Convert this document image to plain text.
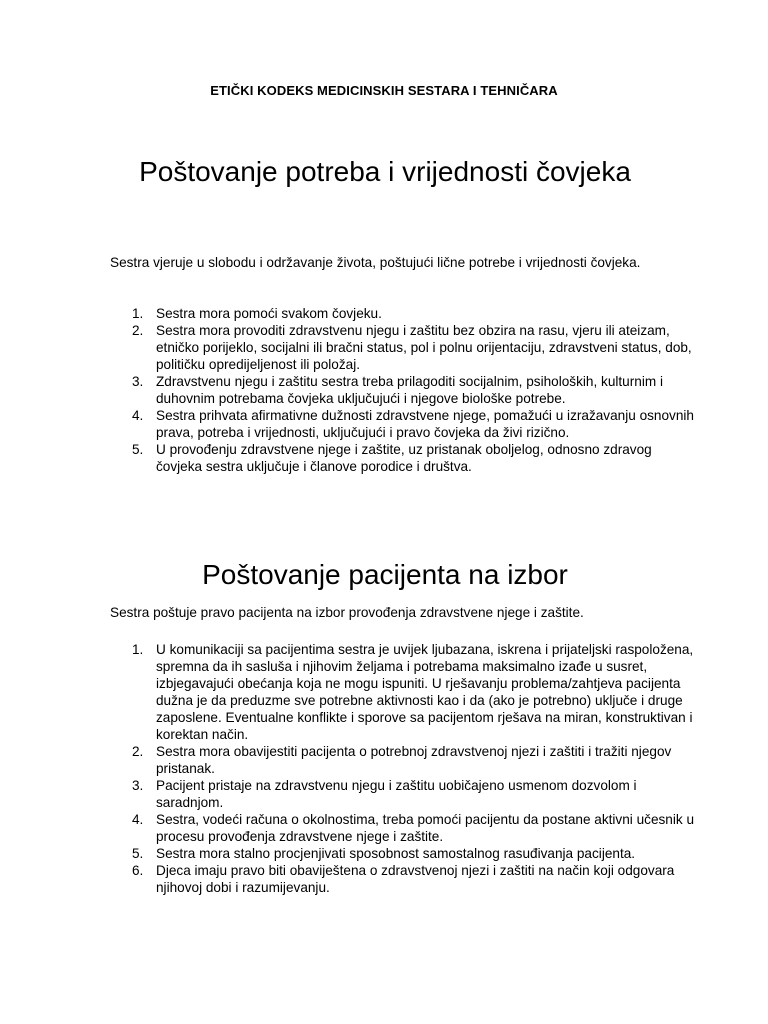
ETIČKI KODEKS MEDICINSKIH SESTARA I TEHNIČARA
Poštovanje potreba i vrijednosti čovjeka

Sestra vjeruje u slobodu i održavanje života, poštujući lične potrebe i vrijednosti čovjeka.

1. Sestra mora pomoći svakom čovjeku.
2. Sestra mora provoditi zdravstvenu njegu i zaštitu bez obzira na rasu, vjeru ili ateizam, etničko porijeklo, socijalni ili bračni status, pol i polnu orijentaciju, zdravstveni status, dob, političku opredijeljenost ili položaj.
3. Zdravstvenu njegu i zaštitu sestra treba prilagoditi socijalnim, psiholoških, kulturnim i duhovnim potrebama čovjeka uključujući i njegove biološke potrebe.
4. Sestra prihvata afirmativne dužnosti zdravstvene njege, pomažući u izražavanju osnovnih prava, potreba i vrijednosti, uključujući i pravo čovjeka da živi rizično.
5. U provođenju zdravstvene njege i zaštite, uz pristanak oboljelog, odnosno zdravog čovjeka sestra uključuje i članove porodice i društva.
Poštovanje pacijenta na izbor

Sestra poštuje pravo pacijenta na izbor provođenja zdravstvene njege i zaštite.

1. U komunikaciji sa pacijentima sestra je uvijek ljubazana, iskrena i prijateljski raspoložena, spremna da ih sasluša i njihovim željama i potrebama maksimalno izađe u susret, izbjegavajući obećanja koja ne mogu ispuniti. U rješavanju problema/zahtjeva pacijenta dužna je da preduzme sve potrebne aktivnosti kao i da (ako je potrebno) uključe i druge zaposlene. Eventualne konflikte i sporove sa pacijentom rješava na miran, konstruktivan i korektan način.
2. Sestra mora obavijestiti pacijenta o potrebnoj zdravstvenoj njezi i zaštiti i tražiti njegov pristanak.
3. Pacijent pristaje na zdravstvenu njegu i zaštitu uobičajeno usmenom dozvolom i saradnjom.
4. Sestra, vodeći računa o okolnostima, treba pomoći pacijentu da postane aktivni učesnik u procesu provođenja zdravstvene njege i zaštite.
5. Sestra mora stalno procjenjivati sposobnost samostalnog rasuđivanja pacijenta.
6. Djeca imaju pravo biti obaviještena o zdravstvenoj njezi i zaštiti na način koji odgovara njihovoj dobi i razumijevanju.
